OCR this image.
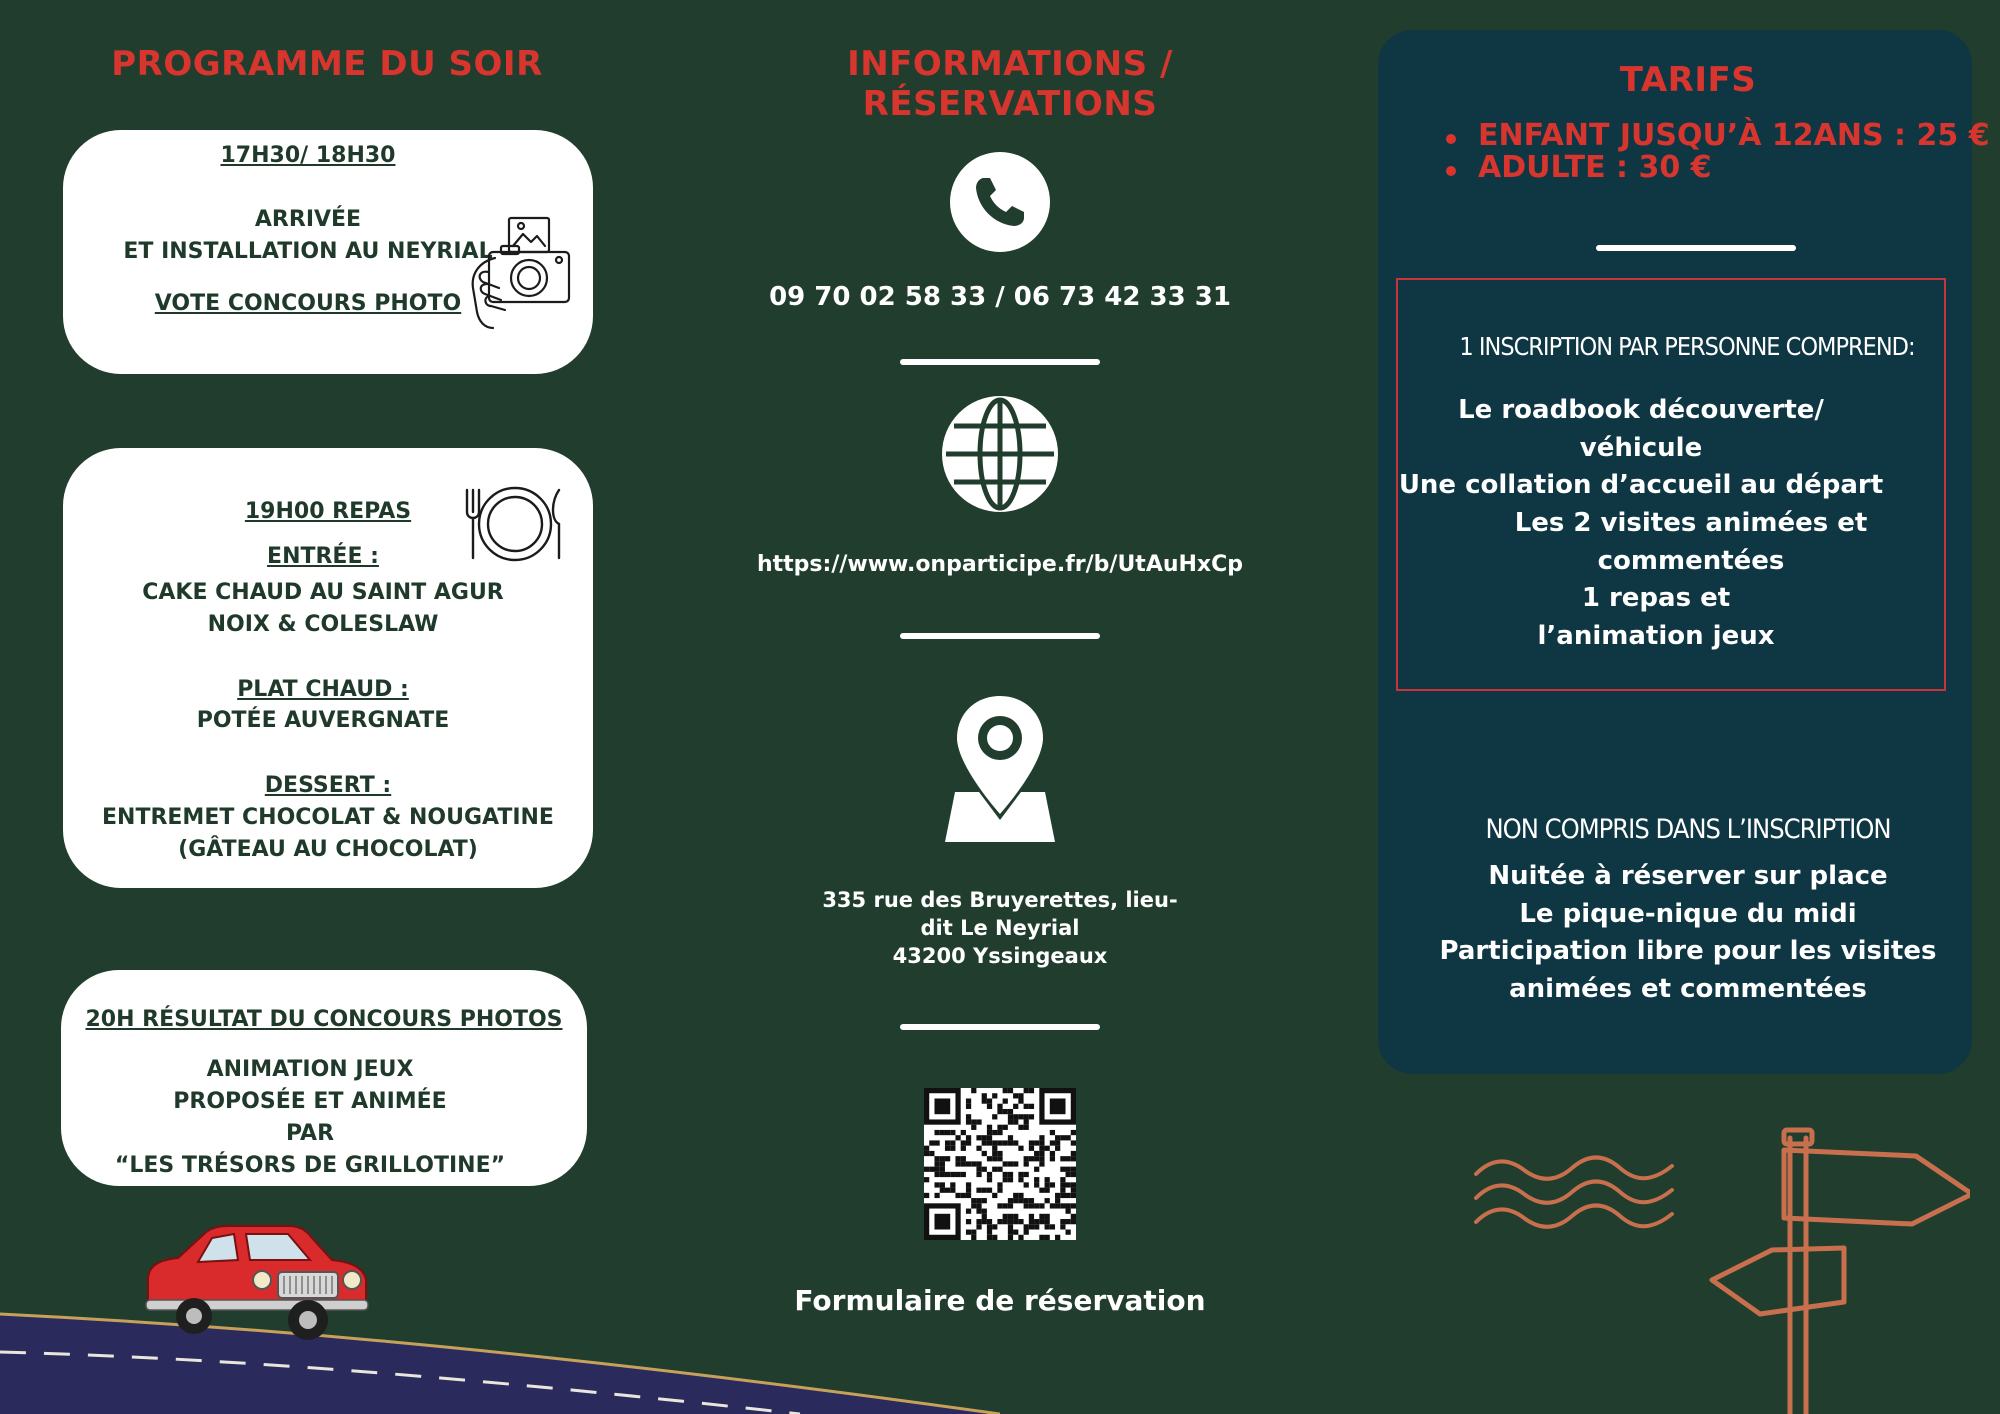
PROGRAMME DU SOIR

17H30/ 18H30

ARRIVÉE

ET INSTALLATION AU NEYRIAL

VOTE CONCOURS PHOTO

19H00 REPAS

ENTRÉE :

CAKE CHAUD AU SAINT AGUR

NOIX & COLESLAW

PLAT CHAUD :

POTÉE AUVERGNATE

DESSERT :

ENTREMET CHOCOLAT & NOUGATINE

(GÂTEAU AU CHOCOLAT)

20H RÉSULTAT DU CONCOURS PHOTOS

ANIMATION JEUX

PROPOSÉE ET ANIMÉE

PAR

“LES TRÉSORS DE GRILLOTINE”

INFORMATIONS / RÉSERVATIONS
09 70 02 58 33 / 06 73 42 33 31
https://www.onparticipe.fr/b/UtAuHxCp
335 rue des Bruyerettes, lieu-
dit Le Neyrial
43200 Yssingeaux
Formulaire de réservation
TARIFS
ENFANT JUSQU’À 12ANS : 25 €
ADULTE : 30 €
1 INSCRIPTION PAR PERSONNE COMPREND:
Le roadbook découverte/ véhicule
Une collation d’accueil au départ
Les 2 visites animées et commentées
1 repas et
l’animation jeux
NON COMPRIS DANS L’INSCRIPTION
Nuitée à réserver sur place
Le pique-nique du midi
Participation libre pour les visites
animées et commentées
